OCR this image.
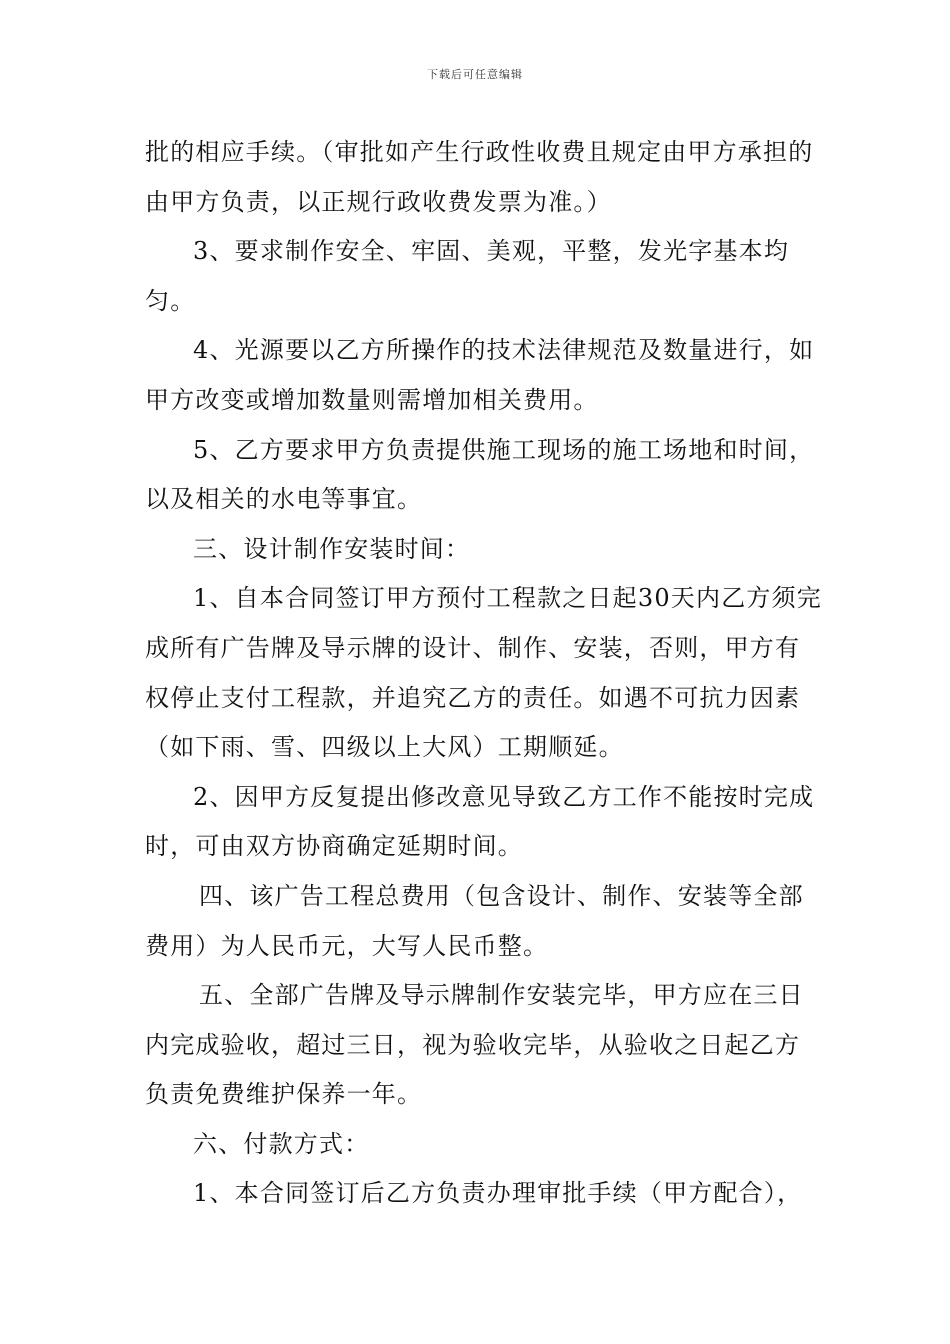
下载后可任意编辑

批的相应手续。（审批如产生行政性收费且规定由甲方承担的由甲方负责，以正规行政收费发票为准。）

3、要求制作安全、牢固、美观，平整，发光字基本均匀。

4、光源要以乙方所操作的技术法律规范及数量进行，如甲方改变或增加数量则需增加相关费用。

5、乙方要求甲方负责提供施工现场的施工场地和时间，以及相关的水电等事宜。

三、设计制作安装时间：

1、自本合同签订甲方预付工程款之日起30天内乙方须完成所有广告牌及导示牌的设计、制作、安装，否则，甲方有权停止支付工程款，并追究乙方的责任。如遇不可抗力因素（如下雨、雪、四级以上大风）工期顺延。

2、因甲方反复提出修改意见导致乙方工作不能按时完成时，可由双方协商确定延期时间。

四、该广告工程总费用（包含设计、制作、安装等全部费用）为人民币元，大写人民币整。

五、全部广告牌及导示牌制作安装完毕，甲方应在三日内完成验收，超过三日，视为验收完毕，从验收之日起乙方负责免费维护保养一年。

六、付款方式：

1、本合同签订后乙方负责办理审批手续（甲方配合），
